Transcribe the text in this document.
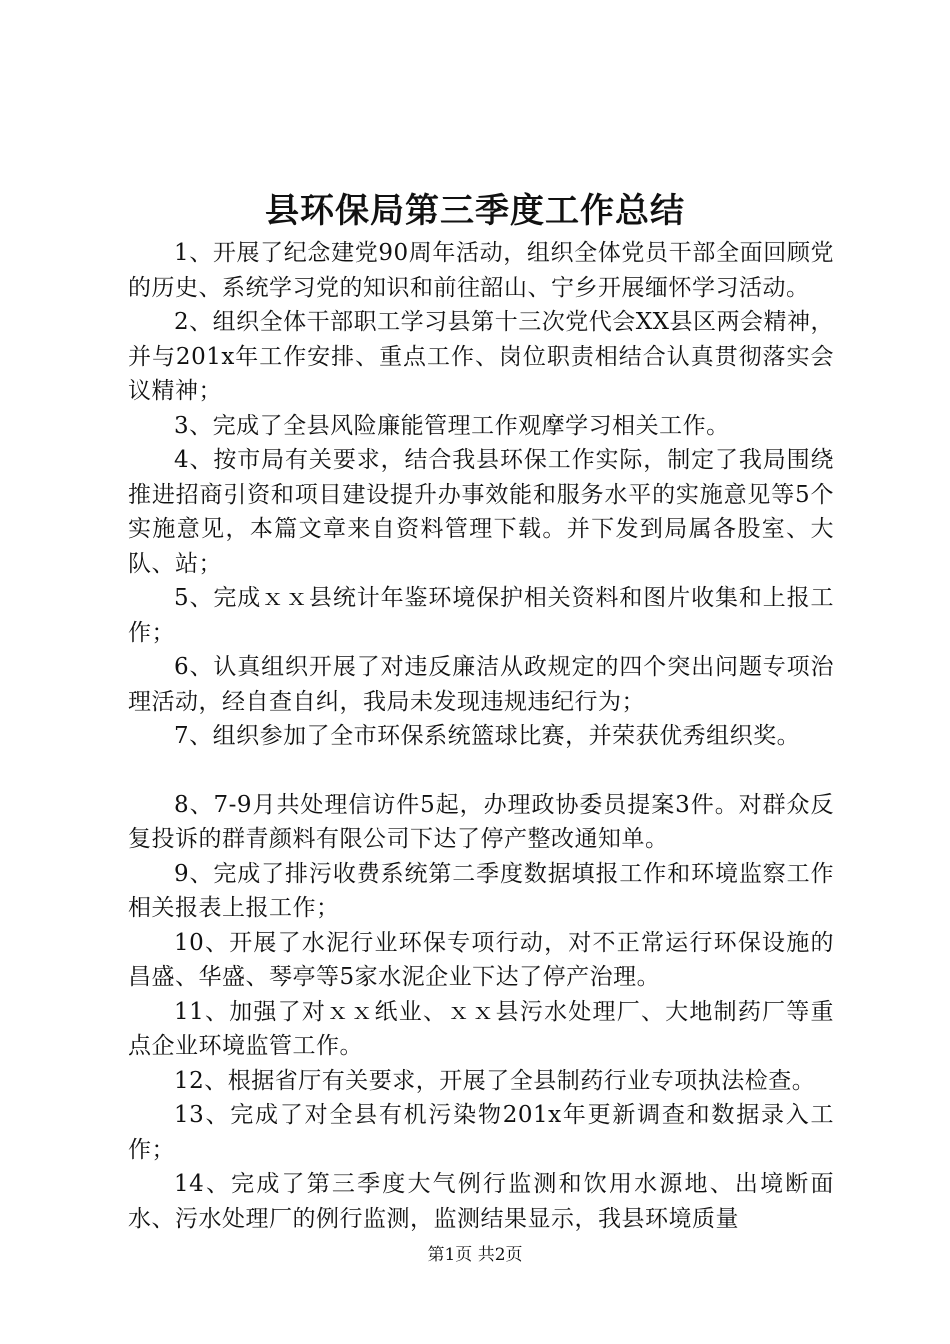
县环保局第三季度工作总结

1、开展了纪念建党90周年活动，组织全体党员干部全面回顾党的历史、系统学习党的知识和前往韶山、宁乡开展缅怀学习活动。

2、组织全体干部职工学习县第十三次党代会XX县区两会精神，并与201x年工作安排、重点工作、岗位职责相结合认真贯彻落实会议精神；

3、完成了全县风险廉能管理工作观摩学习相关工作。

4、按市局有关要求，结合我县环保工作实际，制定了我局围绕推进招商引资和项目建设提升办事效能和服务水平的实施意见等5个实施意见，本篇文章来自资料管理下载。并下发到局属各股室、大队、站；

5、完成ｘｘ县统计年鉴环境保护相关资料和图片收集和上报工作；

6、认真组织开展了对违反廉洁从政规定的四个突出问题专项治理活动，经自查自纠，我局未发现违规违纪行为；

7、组织参加了全市环保系统篮球比赛，并荣获优秀组织奖。

8、7-9月共处理信访件5起，办理政协委员提案3件。对群众反复投诉的群青颜料有限公司下达了停产整改通知单。

9、完成了排污收费系统第二季度数据填报工作和环境监察工作相关报表上报工作；

10、开展了水泥行业环保专项行动，对不正常运行环保设施的昌盛、华盛、琴亭等5家水泥企业下达了停产治理。

11、加强了对ｘｘ纸业、ｘｘ县污水处理厂、大地制药厂等重点企业环境监管工作。

12、根据省厅有关要求，开展了全县制药行业专项执法检查。

13、完成了对全县有机污染物201x年更新调查和数据录入工作；

14、完成了第三季度大气例行监测和饮用水源地、出境断面水、污水处理厂的例行监测，监测结果显示，我县环境质量

第1页 共2页
